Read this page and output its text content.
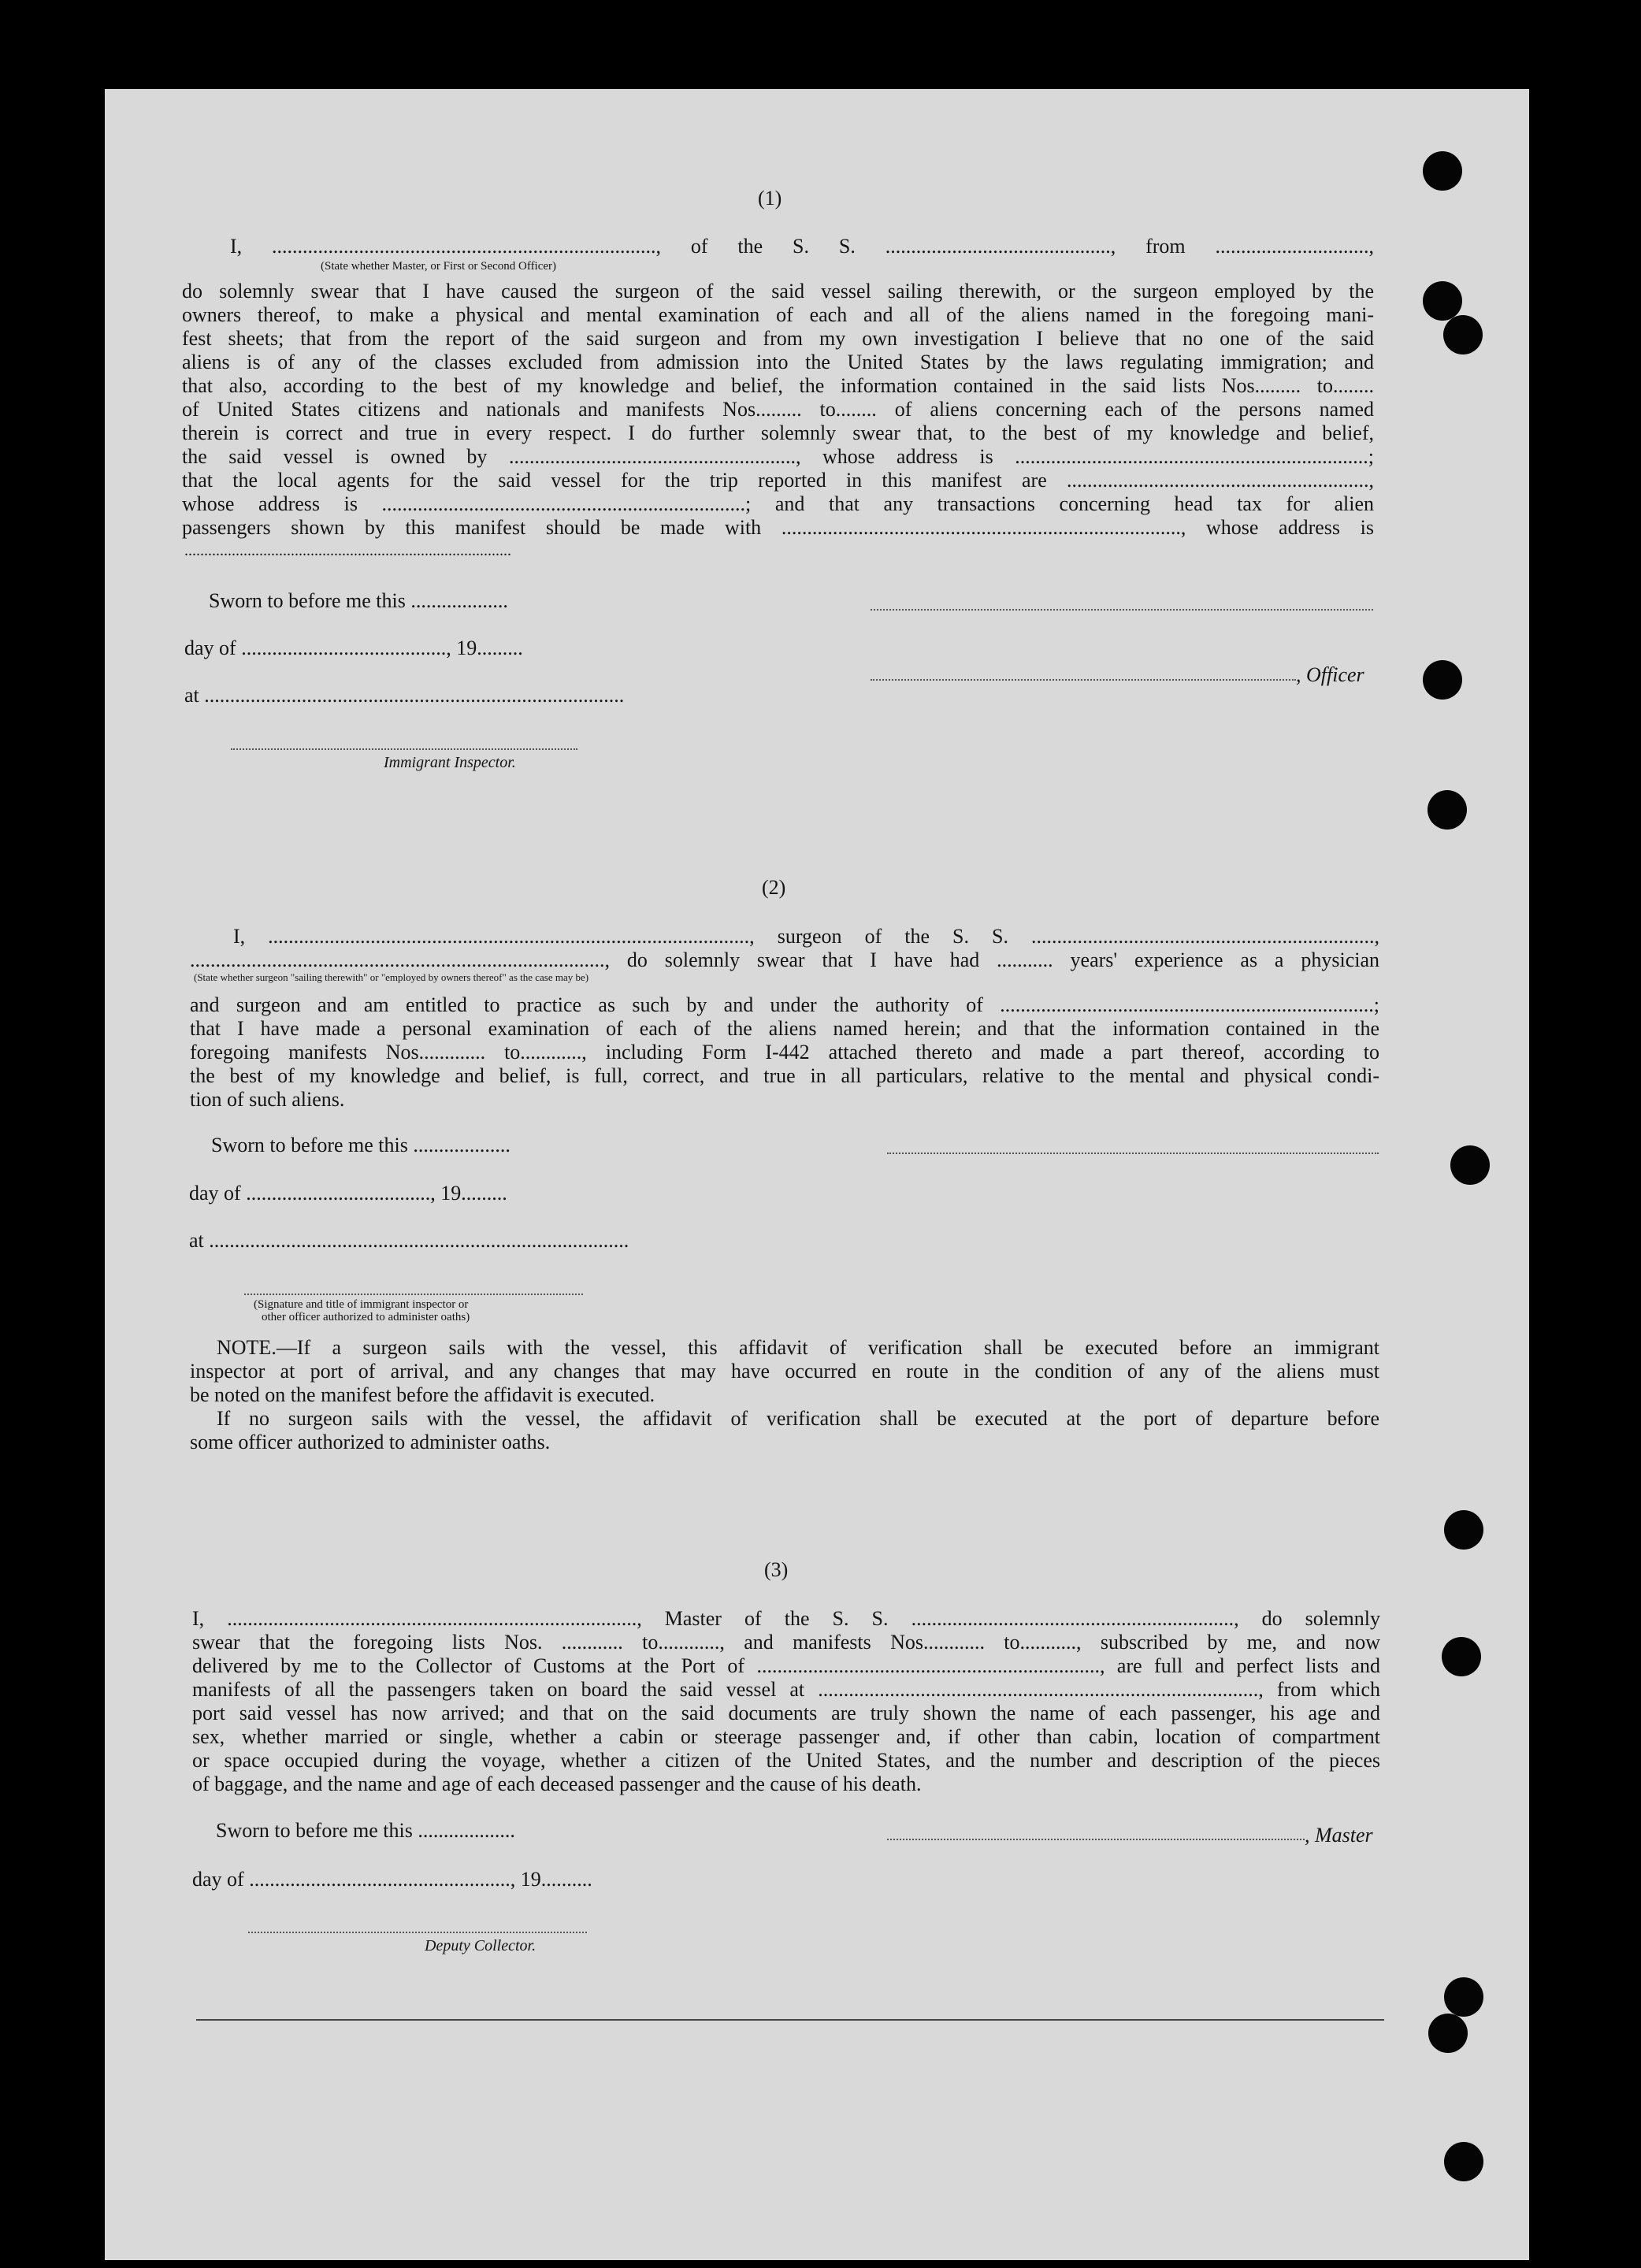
(1)
I, ..........................................................................., of the S. S. ............................................, from ..............................,
(State whether Master, or First or Second Officer)
do solemnly swear that I have caused the surgeon of the said vessel sailing therewith, or the surgeon employed by the
owners thereof, to make a physical and mental examination of each and all of the aliens named in the foregoing mani-
fest sheets; that from the report of the said surgeon and from my own investigation I believe that no one of the said
aliens is of any of the classes excluded from admission into the United States by the laws regulating immigration; and
that also, according to the best of my knowledge and belief, the information contained in the said lists Nos......... to........
of United States citizens and nationals and manifests Nos......... to........ of aliens concerning each of the persons named
therein is correct and true in every respect. I do further solemnly swear that, to the best of my knowledge and belief,
the said vessel is owned by ........................................................, whose address is .....................................................................;
that the local agents for the said vessel for the trip reported in this manifest are ...........................................................,
whose address is .......................................................................; and that any transactions concerning head tax for alien
passengers shown by this manifest should be made with .............................................................................., whose address is
...................................................................................
Sworn to before me this ...................
day of ........................................, 19.........
at ..................................................................................
Immigrant Inspector.
, Officer
(2)
I, .............................................................................................., surgeon of the S. S. ...................................................................,
................................................................................., do solemnly swear that I have had ........... years' experience as a physician
(State whether surgeon "sailing therewith" or "employed by owners thereof" as the case may be)
and surgeon and am entitled to practice as such by and under the authority of .........................................................................;
that I have made a personal examination of each of the aliens named herein; and that the information contained in the
foregoing manifests Nos............. to............, including Form I-442 attached thereto and made a part thereof, according to
the best of my knowledge and belief, is full, correct, and true in all particulars, relative to the mental and physical condi-
tion of such aliens.
Sworn to before me this ...................
day of ...................................., 19.........
at ..................................................................................
(Signature and title of immigrant inspector or
other officer authorized to administer oaths)
NOTE.—If a surgeon sails with the vessel, this affidavit of verification shall be executed before an immigrant
inspector at port of arrival, and any changes that may have occurred en route in the condition of any of the aliens must
be noted on the manifest before the affidavit is executed.
If no surgeon sails with the vessel, the affidavit of verification shall be executed at the port of departure before
some officer authorized to administer oaths.
(3)
I, ................................................................................, Master of the S. S. ..............................................................., do solemnly
swear that the foregoing lists Nos. ............ to............, and manifests Nos............ to..........., subscribed by me, and now
delivered by me to the Collector of Customs at the Port of ..................................................................., are full and perfect lists and
manifests of all the passengers taken on board the said vessel at ......................................................................................, from which
port said vessel has now arrived; and that on the said documents are truly shown the name of each passenger, his age and
sex, whether married or single, whether a cabin or steerage passenger and, if other than cabin, location of compartment
or space occupied during the voyage, whether a citizen of the United States, and the number and description of the pieces
of baggage, and the name and age of each deceased passenger and the cause of his death.
Sworn to before me this ...................
day of ..................................................., 19..........
Deputy Collector.
, Master
